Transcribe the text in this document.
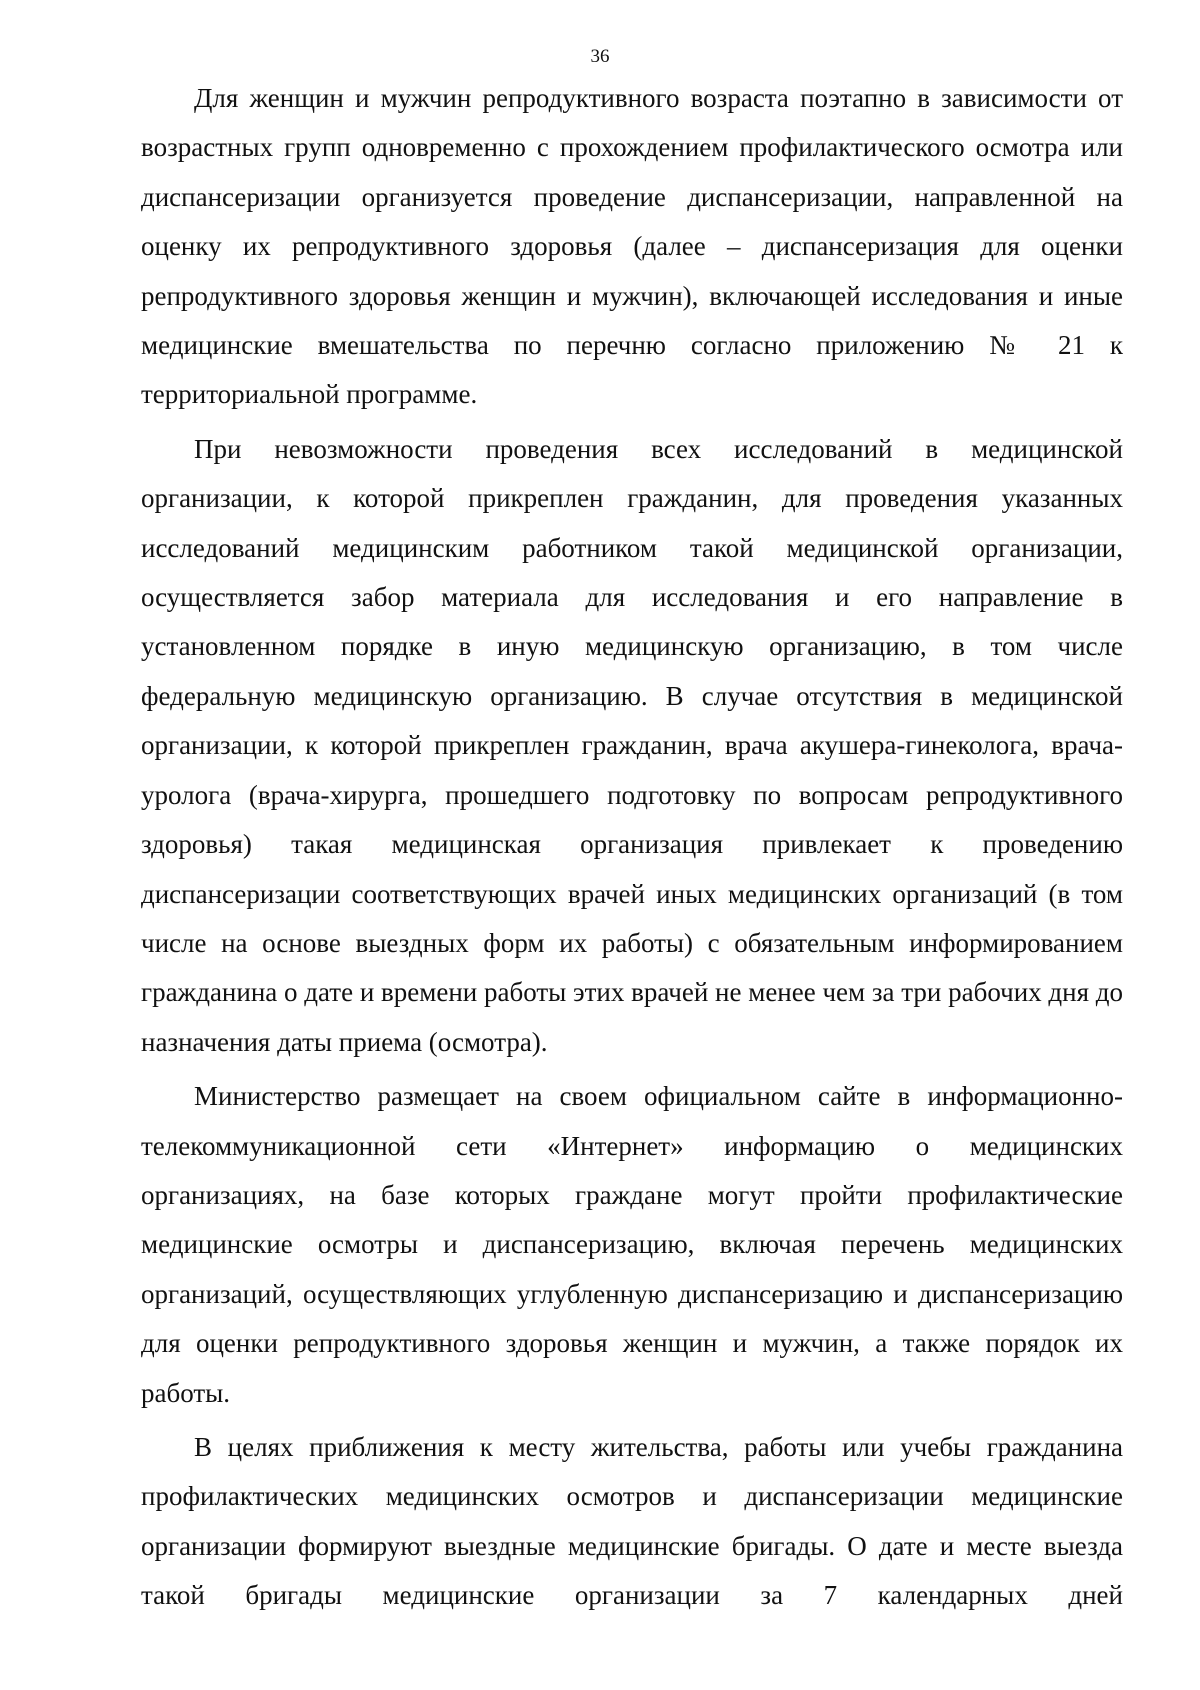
36

Для женщин и мужчин репродуктивного возраста поэтапно в зависимости от возрастных групп одновременно с прохождением профилактического осмотра или диспансеризации организуется проведение диспансеризации, направленной на оценку их репродуктивного здоровья (далее – диспансеризация для оценки репродуктивного здоровья женщин и мужчин), включающей исследования и иные медицинские вмешательства по перечню согласно приложению № 21 к территориальной программе.

При невозможности проведения всех исследований в медицинской организации, к которой прикреплен гражданин, для проведения указанных исследований медицинским работником такой медицинской организации, осуществляется забор материала для исследования и его направление в установленном порядке в иную медицинскую организацию, в том числе федеральную медицинскую организацию. В случае отсутствия в медицинской организации, к которой прикреплен гражданин, врача акушера-гинеколога, врача-уролога (врача-хирурга, прошедшего подготовку по вопросам репродуктивного здоровья) такая медицинская организация привлекает к проведению диспансеризации соответствующих врачей иных медицинских организаций (в том числе на основе выездных форм их работы) с обязательным информированием гражданина о дате и времени работы этих врачей не менее чем за три рабочих дня до назначения даты приема (осмотра).

Министерство размещает на своем официальном сайте в информационно-телекоммуникационной сети «Интернет» информацию о медицинских организациях, на базе которых граждане могут пройти профилактические медицинские осмотры и диспансеризацию, включая перечень медицинских организаций, осуществляющих углубленную диспансеризацию и диспансеризацию для оценки репродуктивного здоровья женщин и мужчин, а также порядок их работы.

В целях приближения к месту жительства, работы или учебы гражданина профилактических медицинских осмотров и диспансеризации медицинские организации формируют выездные медицинские бригады. О дате и месте выезда такой бригады медицинские организации за 7 календарных дней
